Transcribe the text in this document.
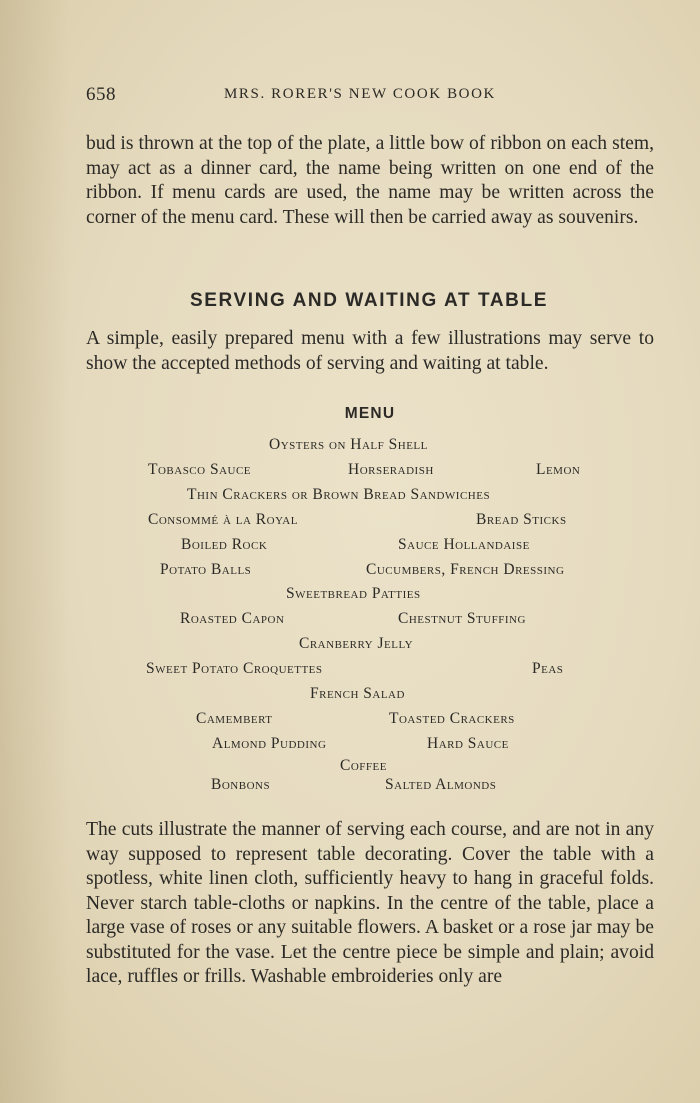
658	MRS. RORER'S NEW COOK BOOK

bud is thrown at the top of the plate, a little bow of ribbon on each stem, may act as a dinner card, the name being written on one end of the ribbon. If menu cards are used, the name may be written across the corner of the menu card. These will then be carried away as souvenirs.

SERVING AND WAITING AT TABLE

A simple, easily prepared menu with a few illustrations may serve to show the accepted methods of serving and waiting at table.

MENU
Oysters on Half Shell
Tobasco Sauce	Horseradish	Lemon
Thin Crackers or Brown Bread Sandwiches
Consommé à la Royal	Bread Sticks
Boiled Rock	Sauce Hollandaise
Potato Balls	Cucumbers, French Dressing
Sweetbread Patties
Roasted Capon	Chestnut Stuffing
Cranberry Jelly
Sweet Potato Croquettes	Peas
French Salad
Camembert	Toasted Crackers
Almond Pudding	Hard Sauce
Coffee
Bonbons	Salted Almonds

The cuts illustrate the manner of serving each course, and are not in any way supposed to represent table decorating. Cover the table with a spotless, white linen cloth, sufficiently heavy to hang in graceful folds. Never starch table-cloths or napkins. In the centre of the table, place a large vase of roses or any suitable flowers. A basket or a rose jar may be substituted for the vase. Let the centre piece be simple and plain; avoid lace, ruffles or frills. Washable embroideries only are
